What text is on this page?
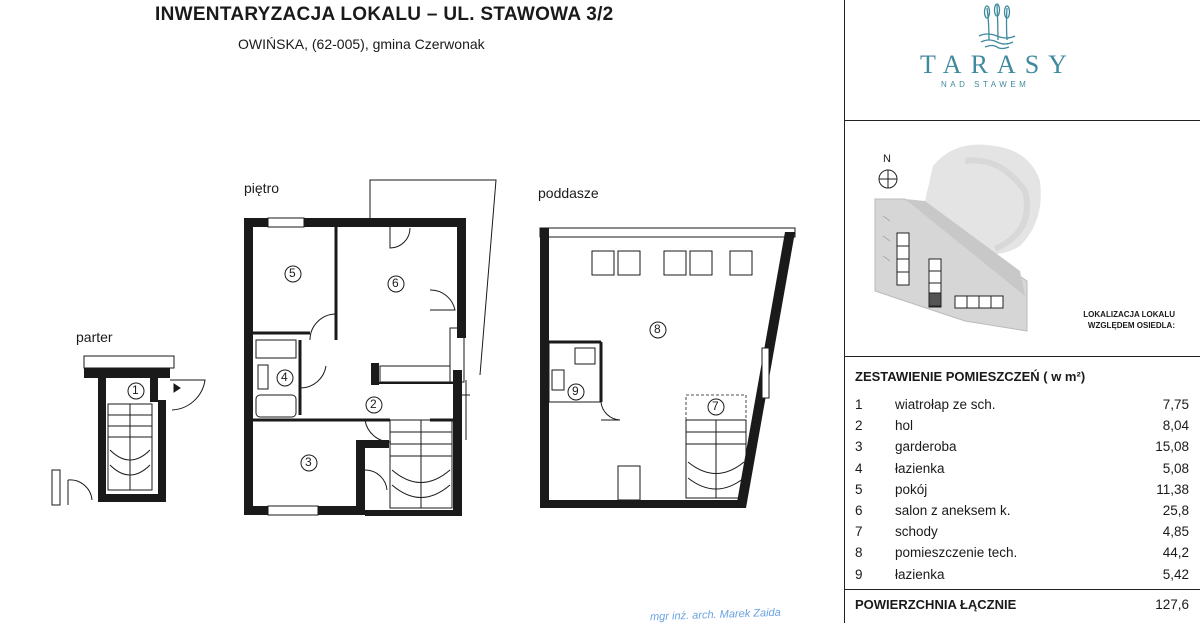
INWENTARYZACJA LOKALU – UL. STAWOWA 3/2
OWIŃSKA, (62-005), gmina Czerwonak
parter
piętro	poddasze
1
2
3
4
5
6
7
8
9
TARASY
NAD STAWEM
N
LOKALIZACJA LOKALU WZGLĘDEM OSIEDLA:
ZESTAWIENIE POMIESZCZEŃ ( w m²)
1 wiatrołap ze sch.	7,75
2 hol	8,04
3 garderoba	15,08
4 łazienka	5,08
5 pokój	11,38
6 salon z aneksem k.	25,8
7 schody	4,85
8 pomieszczenie tech.	44,2
9 łazienka	5,42
POWIERZCHNIA ŁĄCZNIE	127,6
mgr inż. arch. Marek Zaida
